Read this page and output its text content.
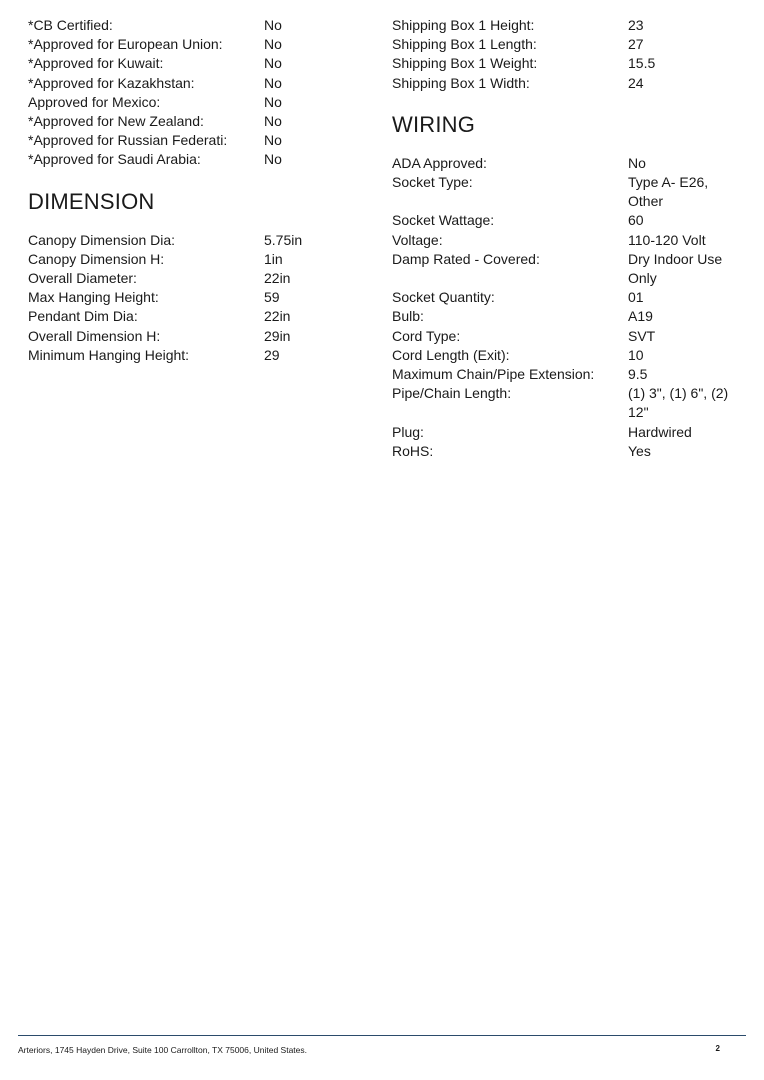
*CB Certified:	No
*Approved for European Union:	No
*Approved for Kuwait:	No
*Approved for Kazakhstan:	No
Approved for Mexico:	No
*Approved for New Zealand:	No
*Approved for Russian Federati:	No
*Approved for Saudi Arabia:	No
DIMENSION
Canopy Dimension Dia:	5.75in
Canopy Dimension H:	1in
Overall Diameter:	22in
Max Hanging Height:	59
Pendant Dim Dia:	22in
Overall Dimension H:	29in
Minimum Hanging Height:	29
Shipping Box 1 Height:	23
Shipping Box 1 Length:	27
Shipping Box 1 Weight:	15.5
Shipping Box 1 Width:	24
WIRING
ADA Approved:	No
Socket Type:	Type A- E26, Other
Socket Wattage:	60
Voltage:	110-120 Volt
Damp Rated - Covered:	Dry Indoor Use Only
Socket Quantity:	01
Bulb:	A19
Cord Type:	SVT
Cord Length (Exit):	10
Maximum Chain/Pipe Extension:	9.5
Pipe/Chain Length:	(1) 3", (1) 6", (2) 12"
Plug:	Hardwired
RoHS:	Yes
Arteriors, 1745 Hayden Drive, Suite 100 Carrollton, TX 75006, United States.	2
